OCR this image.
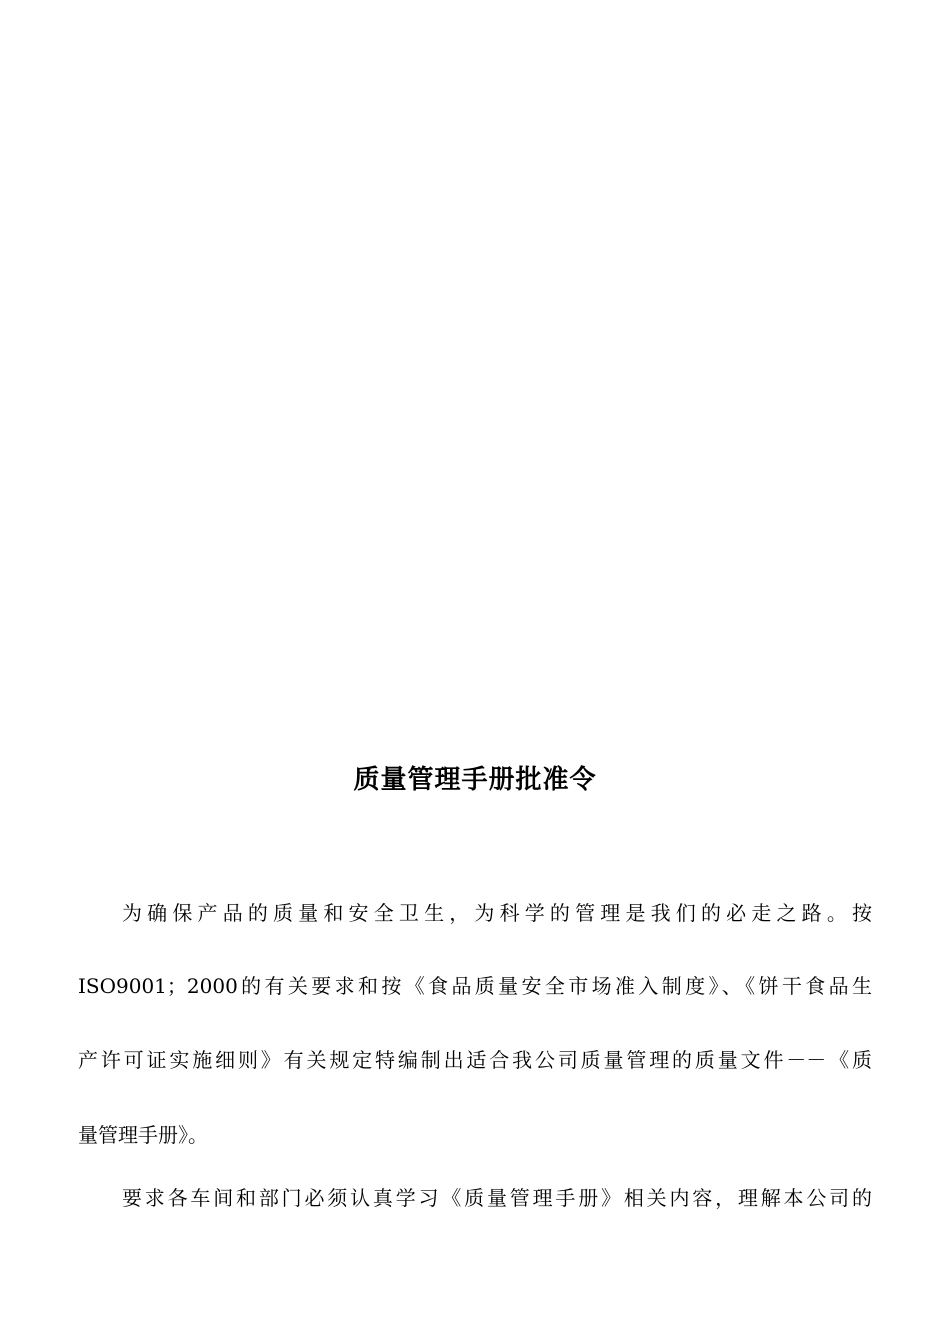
质量管理手册批准令

为确保产品的质量和安全卫生，为科学的管理是我们的必走之路。按

ISO9001；2000的有关要求和按《食品质量安全市场准入制度》、《饼干食品生

产许可证实施细则》有关规定特编制出适合我公司质量管理的质量文件－－《质

量管理手册》。

要求各车间和部门必须认真学习《质量管理手册》相关内容，理解本公司的
